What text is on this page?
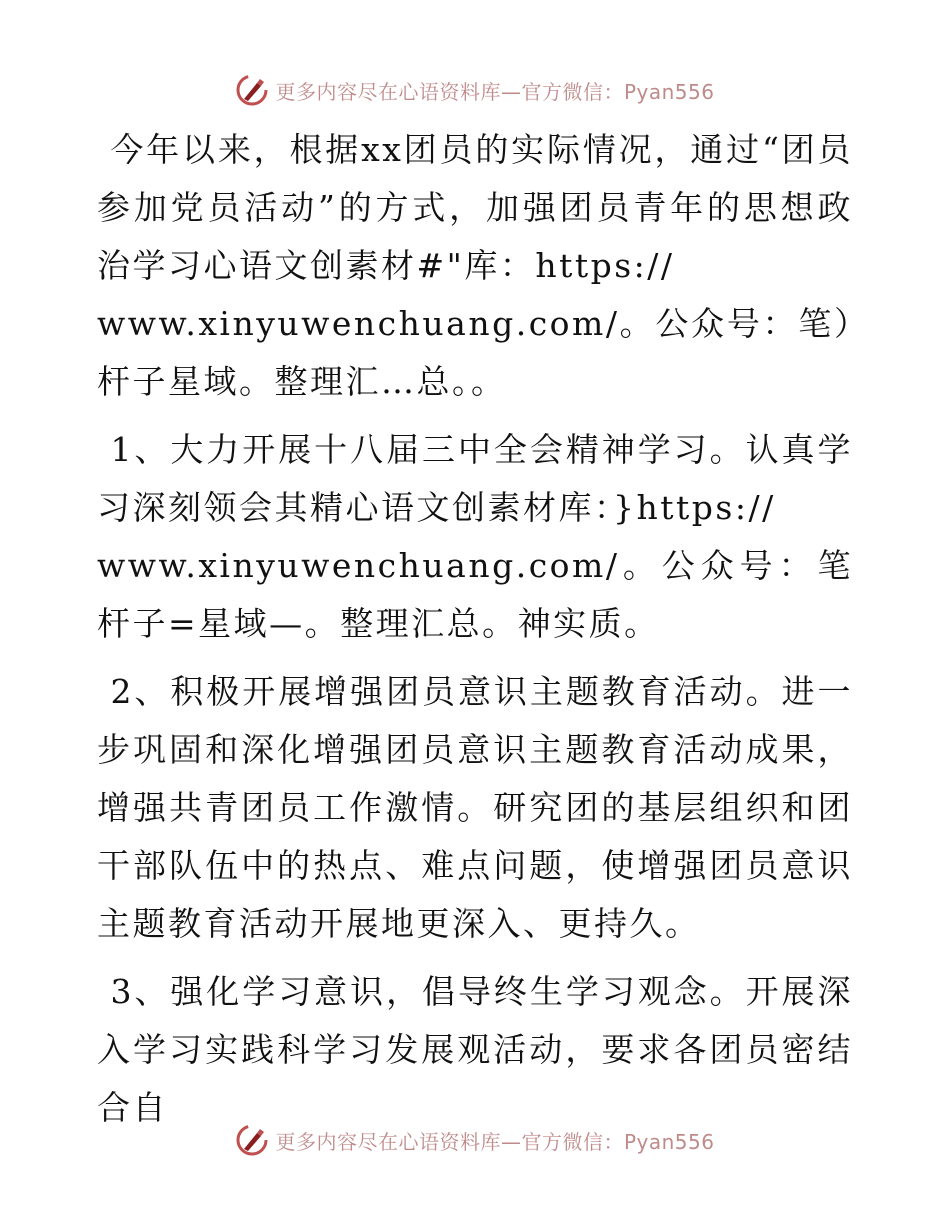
更多内容尽在心语资料库—官方微信：Pyan556

今年以来，根据xx团员的实际情况，通过“团员参加党员活动”的方式，加强团员青年的思想政治学习心语文创素材#"库：https://
www.xinyuwenchuang.com/。公众号：笔）杆子星域。整理汇…总。。

1、大力开展十八届三中全会精神学习。认真学习深刻领会其精心语文创素材库：}https://
www.xinyuwenchuang.com/。公众号：笔杆子=星域—。整理汇总。神实质。

2、积极开展增强团员意识主题教育活动。进一步巩固和深化增强团员意识主题教育活动成果，增强共青团员工作激情。研究团的基层组织和团干部队伍中的热点、难点问题，使增强团员意识主题教育活动开展地更深入、更持久。

3、强化学习意识，倡导终生学习观念。开展深入学习实践科学习发展观活动，要求各团员密结合自

更多内容尽在心语资料库—官方微信：Pyan556
